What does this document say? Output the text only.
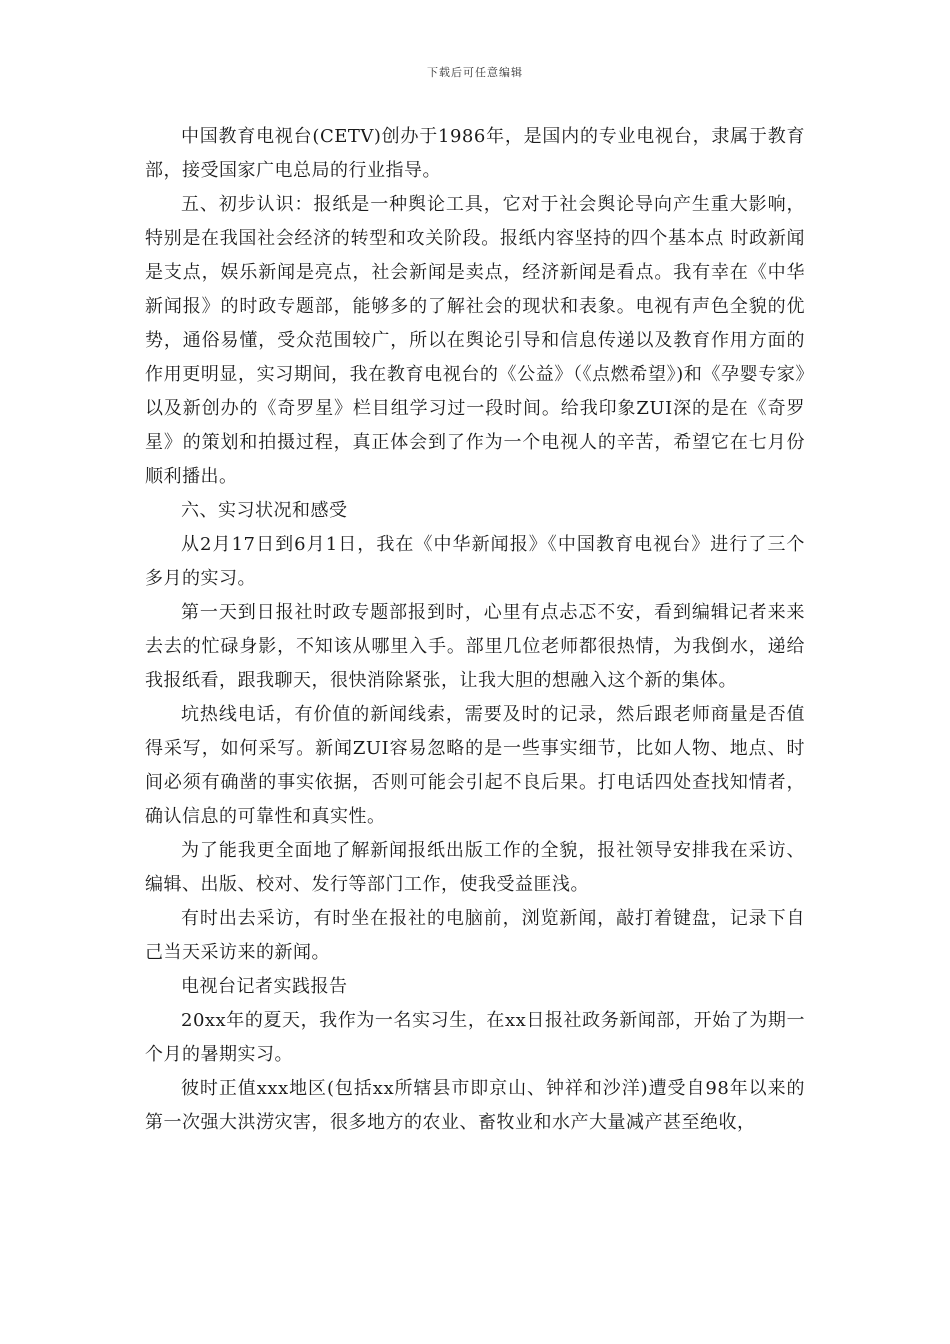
下载后可任意编辑

中国教育电视台(CETV)创办于1986年，是国内的专业电视台，隶属于教育部，接受国家广电总局的行业指导。

五、初步认识：报纸是一种舆论工具，它对于社会舆论导向产生重大影响，特别是在我国社会经济的转型和攻关阶段。报纸内容坚持的四个基本点 时政新闻是支点，娱乐新闻是亮点，社会新闻是卖点，经济新闻是看点。我有幸在《中华新闻报》的时政专题部，能够多的了解社会的现状和表象。电视有声色全貌的优势，通俗易懂，受众范围较广，所以在舆论引导和信息传递以及教育作用方面的作用更明显，实习期间，我在教育电视台的《公益》（《点燃希望》)和《孕婴专家》以及新创办的《奇罗星》栏目组学习过一段时间。给我印象ZUI深的是在《奇罗星》的策划和拍摄过程，真正体会到了作为一个电视人的辛苦，希望它在七月份顺利播出。

六、实习状况和感受

从2月17日到6月1日，我在《中华新闻报》《中国教育电视台》进行了三个多月的实习。

第一天到日报社时政专题部报到时，心里有点忐忑不安，看到编辑记者来来去去的忙碌身影，不知该从哪里入手。部里几位老师都很热情，为我倒水，递给我报纸看，跟我聊天，很快消除紧张，让我大胆的想融入这个新的集体。

坑热线电话，有价值的新闻线索，需要及时的记录，然后跟老师商量是否值得采写，如何采写。新闻ZUI容易忽略的是一些事实细节，比如人物、地点、时间必须有确凿的事实依据，否则可能会引起不良后果。打电话四处查找知情者，确认信息的可靠性和真实性。

为了能我更全面地了解新闻报纸出版工作的全貌，报社领导安排我在采访、编辑、出版、校对、发行等部门工作，使我受益匪浅。

有时出去采访，有时坐在报社的电脑前，浏览新闻，敲打着键盘，记录下自己当天采访来的新闻。

电视台记者实践报告

20xx年的夏天，我作为一名实习生，在xx日报社政务新闻部，开始了为期一个月的暑期实习。

彼时正值xxx地区(包括xx所辖县市即京山、钟祥和沙洋)遭受自98年以来的第一次强大洪涝灾害，很多地方的农业、畜牧业和水产大量减产甚至绝收，
